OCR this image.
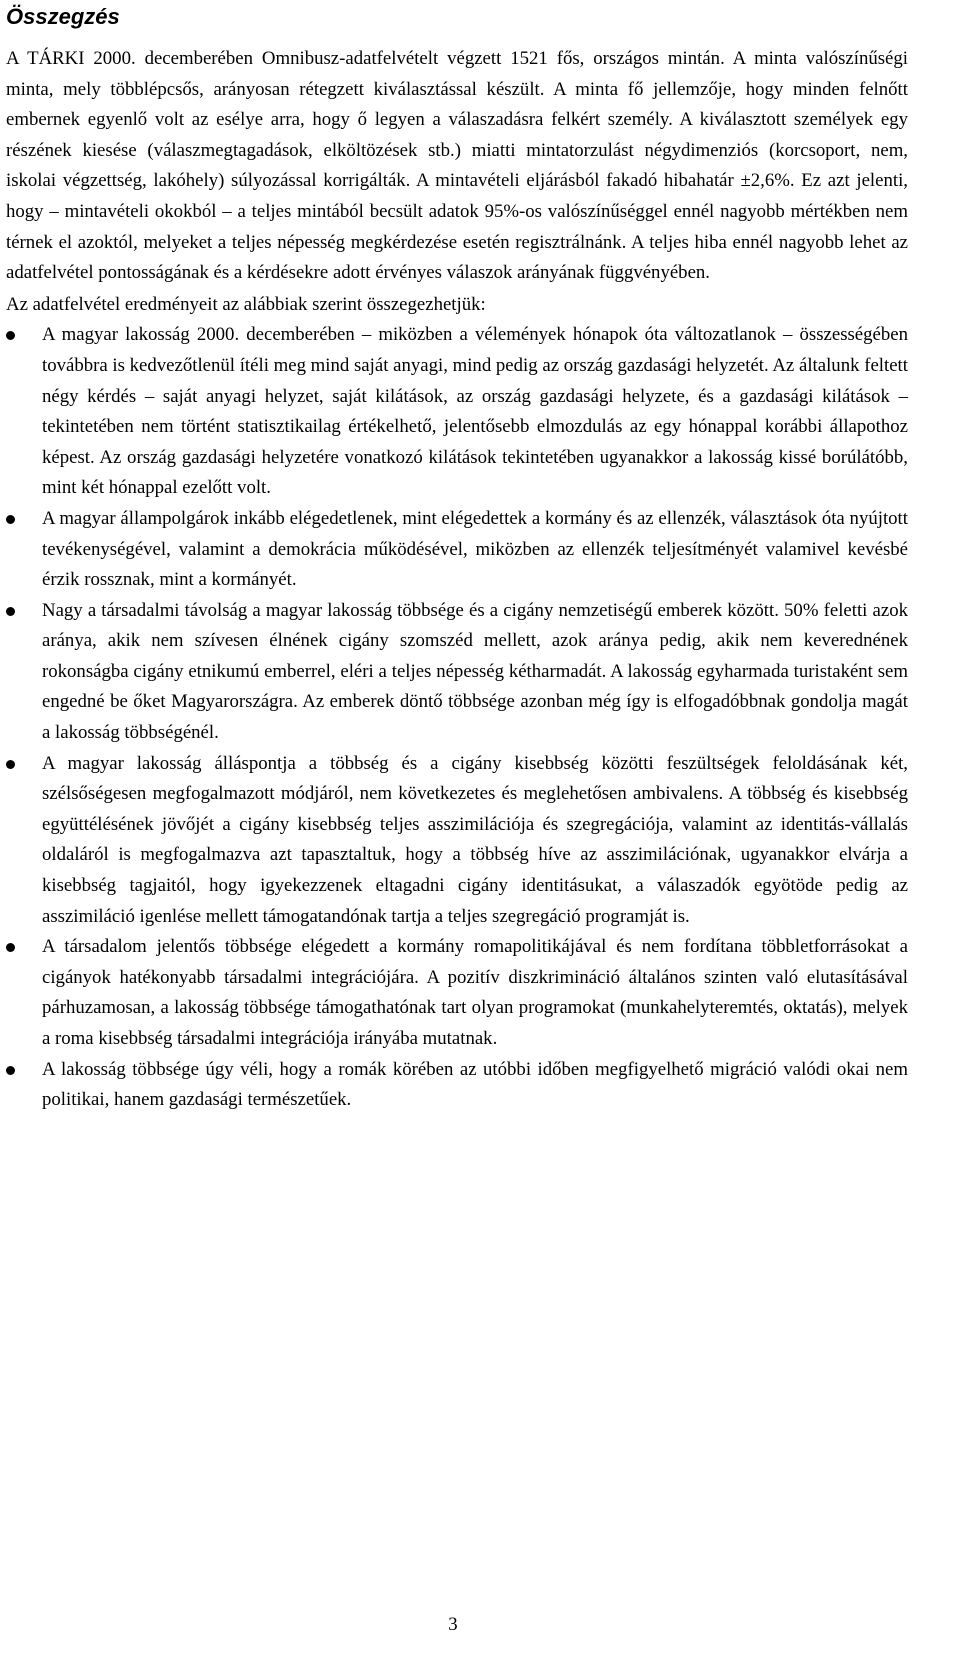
Összegzés

A TÁRKI 2000. decemberében Omnibusz-adatfelvételt végzett 1521 fős, országos mintán. A minta valószínűségi minta, mely többlépcsős, arányosan rétegzett kiválasztással készült. A minta fő jellemzője, hogy minden felnőtt embernek egyenlő volt az esélye arra, hogy ő legyen a válaszadásra felkért személy. A kiválasztott személyek egy részének kiesése (válaszmegtagadások, elköltözések stb.) miatti mintatorzulást négydimenziós (korcsoport, nem, iskolai végzettség, lakóhely) súlyozással korrigálták. A mintavételi eljárásból fakadó hibahatár ±2,6%. Ez azt jelenti, hogy – mintavételi okokból – a teljes mintából becsült adatok 95%-os valószínűséggel ennél nagyobb mértékben nem térnek el azoktól, melyeket a teljes népesség megkérdezése esetén regisztrálnánk. A teljes hiba ennél nagyobb lehet az adatfelvétel pontosságának és a kérdésekre adott érvényes válaszok arányának függvényében.

Az adatfelvétel eredményeit az alábbiak szerint összegezhetjük:

A magyar lakosság 2000. decemberében – miközben a vélemények hónapok óta változatlanok – összességében továbbra is kedvezőtlenül ítéli meg mind saját anyagi, mind pedig az ország gazdasági helyzetét. Az általunk feltett négy kérdés – saját anyagi helyzet, saját kilátások, az ország gazdasági helyzete, és a gazdasági kilátások – tekintetében nem történt statisztikailag értékelhető, jelentősebb elmozdulás az egy hónappal korábbi állapothoz képest. Az ország gazdasági helyzetére vonatkozó kilátások tekintetében ugyanakkor a lakosság kissé borúlátóbb, mint két hónappal ezelőtt volt.
A magyar állampolgárok inkább elégedetlenek, mint elégedettek a kormány és az ellenzék, választások óta nyújtott tevékenységével, valamint a demokrácia működésével, miközben az ellenzék teljesítményét valamivel kevésbé érzik rossznak, mint a kormányét.
Nagy a társadalmi távolság a magyar lakosság többsége és a cigány nemzetiségű emberek között. 50% feletti azok aránya, akik nem szívesen élnének cigány szomszéd mellett, azok aránya pedig, akik nem keverednének rokonságba cigány etnikumú emberrel, eléri a teljes népesség kétharmadát. A lakosság egyharmada turistaként sem engedné be őket Magyarországra. Az emberek döntő többsége azonban még így is elfogadóbbnak gondolja magát a lakosság többségénél.
A magyar lakosság álláspontja a többség és a cigány kisebbség közötti feszültségek feloldásának két, szélsőségesen megfogalmazott módjáról, nem következetes és meglehetősen ambivalens. A többség és kisebbség együttélésének jövőjét a cigány kisebbség teljes asszimilációja és szegregációja, valamint az identitás-vállalás oldaláról is megfogalmazva azt tapasztaltuk, hogy a többség híve az asszimilációnak, ugyanakkor elvárja a kisebbség tagjaitól, hogy igyekezzenek eltagadni cigány identitásukat, a válaszadók egyötöde pedig az asszimiláció igenlése mellett támogatandónak tartja a teljes szegregáció programját is.
A társadalom jelentős többsége elégedett a kormány romapolitikájával és nem fordítana többletforrásokat a cigányok hatékonyabb társadalmi integrációjára. A pozitív diszkrimináció általános szinten való elutasításával párhuzamosan, a lakosság többsége támogathatónak tart olyan programokat (munkahelyteremtés, oktatás), melyek a roma kisebbség társadalmi integrációja irányába mutatnak.
A lakosság többsége úgy véli, hogy a romák körében az utóbbi időben megfigyelhető migráció valódi okai nem politikai, hanem gazdasági természetűek.
3
